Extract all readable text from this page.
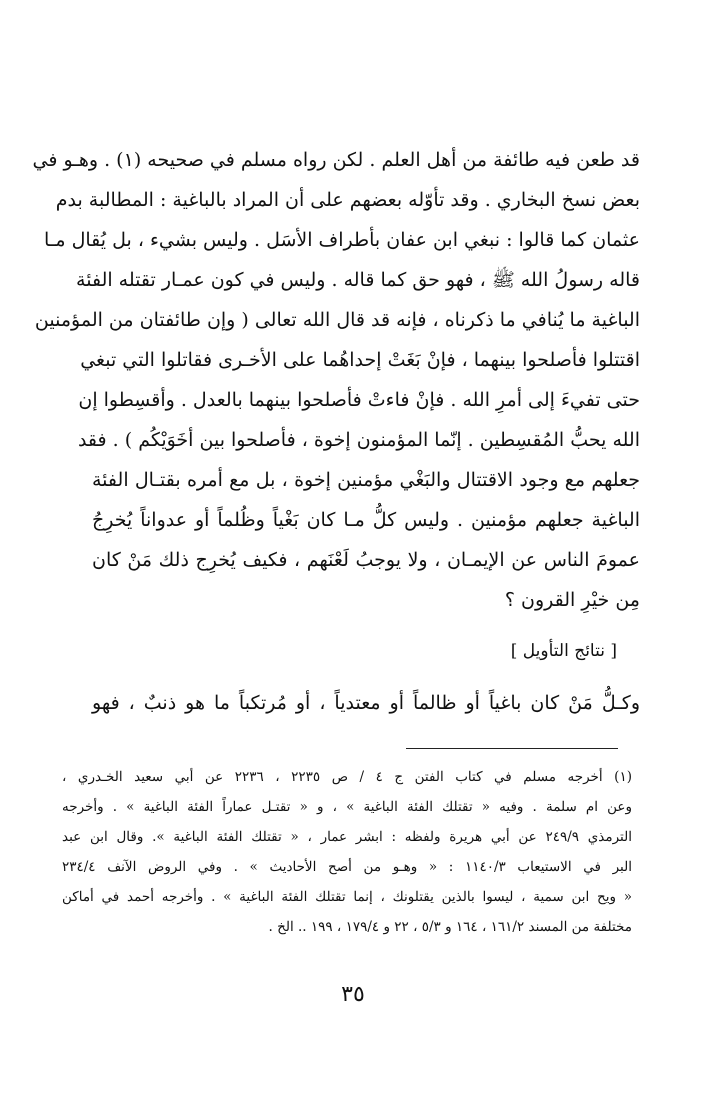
قد طعن فيه طائفة من أهل العلم . لكن رواه مسلم في صحيحه (١) . وهـو في
بعض نسخ البخاري . وقد تأوّله بعضهم على أن المراد بالباغية : المطالبة بدم
عثمان كما قالوا : نبغي ابن عفان بأطراف الأسَل . وليس بشيء ، بل يُقال مـا
قاله رسولُ الله ﷺ ، فهو حق كما قاله . وليس في كون عمـار تقتله الفئة
الباغية ما يُنافي ما ذكرناه ، فإنه قد قال الله تعالى ( وإن طائفتان من المؤمنين
اقتتلوا فأصلحوا بينهما ، فإنْ بَغَتْ إحداهُما على الأخـرى فقاتلوا التي تبغي
حتى تفيءَ إلى أمرِ الله . فإنْ فاءتْ فأصلحوا بينهما بالعدل . وأقسِطوا إن
الله يحبُّ المُقسِطين . إنّما المؤمنون إخوة ، فأصلحوا بين أخَوَيْكُم ) . فقد
جعلهم مع وجود الاقتتال والبَغْي مؤمنين إخوة ، بل مع أمره بقتـال الفئة
الباغية جعلهم مؤمنين . وليس كلُّ مـا كان بَغْياً وظُلماً أو عدواناً يُخرِجُ
عمومَ الناس عن الإيمـان ، ولا يوجبُ لَعْنَهم ، فكيف يُخرِج ذلك مَنْ كان
مِن خيْرِ القرون ؟
[ نتائج التأويل ]
وكـلُّ مَنْ كان باغياً أو ظالماً أو معتدياً ، أو مُرتكباً ما هو ذنبٌ ، فهو
(١) أخرجه مسلم في كتاب الفتن ج ٤ / ص ٢٢٣٥ ، ٢٢٣٦ عن أبي سعيد الخـدري ،
وعن ام سلمة . وفيه « تقتلك الفئة الباغية » ، و « تقتـل عماراً الفئة الباغية » . وأخرجه
الترمذي ٢٤٩/٩ عن أبي هريرة ولفظه : ابشر عمار ، « تقتلك الفئة الباغية ». وقال ابن عبد
البر في الاستيعاب ١١٤٠/٣ : « وهـو من أصح الأحاديث » . وفي الروض الآنف ٢٣٤/٤
« ويح ابن سمية ، ليسوا بالذين يقتلونك ، إنما تقتلك الفئة الباغية » . وأخرجه أحمد في أماكن
مختلفة من المسند ١٦١/٢ ، ١٦٤ و ٥/٣ ، ٢٢ و ١٧٩/٤ ، ١٩٩ .. الخ .
٣٥
